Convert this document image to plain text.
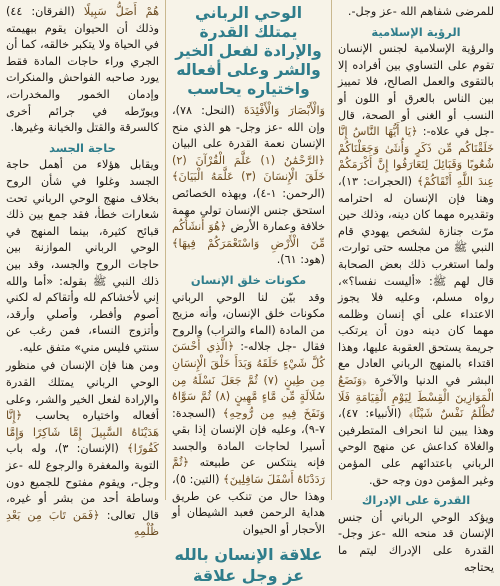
للمرضى شفاهم الله -عز وجل-.

الرؤية الإسلامية

والرؤية الإسلامية لجنس الإنسان تقوم على التساوي بين أفراده إلا بالتقوى والعمل الصالح، فلا تمييز بين الناس بالعرق أو اللون أو النسب أو الغنى أو الصحة، قال -جل في علاه-: ﴿يَا أَيُّهَا النَّاسُ إِنَّا خَلَقْنَاكُم مِّن ذَكَرٍ وَأُنثَىٰ وَجَعَلْنَاكُمْ شُعُوبًا وَقَبَائِلَ لِتَعَارَفُوا إِنَّ أَكْرَمَكُمْ عِندَ اللَّهِ أَتْقَاكُمْ﴾ (الحجرات: ١٣)، وهنا فإن الإنسان له احترامه وتقديره مهما كان دينه، وذلك حين مرّت جنازة لشخص يهودي قام النبي ﷺ من مجلسه حتى توارت، ولما استغرب ذلك بعض الصحابة قال لهم ﷺ: «أليست نفسا؟»، رواه مسلم، وعليه فلا يجوز الاعتداء على أي إنسان وظلمه مهما كان دينه دون أن يرتكب جريمة يستحق العقوبة عليها، وهذا اقتداء بالمنهج الرباني العادل مع البشر في الدنيا والآخرة ﴿وَنَضَعُ الْمَوَازِينَ الْقِسْطَ لِيَوْمِ الْقِيَامَةِ فَلَا تُظْلَمُ نَفْسٌ شَيْئًا﴾ (الأنبياء: ٤٧)، وهذا يبين لنا انحراف المتطرفين والغلاة كداعش عن منهج الوحي الرباني باعتدائهم على المؤمن وغير المؤمن دون وجه حق.

القدرة على الإدراك

ويؤكد الوحي الرباني أن جنس الإنسان قد منحه الله -عز وجل- القدرة على الإدراك ليتم ما يحتاجه

الوحي الرباني يمتلك القدرة والإرادة لفعل الخير والشر وعلى أفعاله واختياره يحاسب

وَالْأَبْصَارَ وَالْأَفْئِدَةَ (النحل: ٧٨)، وإن الله -عز وجل- هو الذي منح الإنسان نعمة القدرة على البيان ﴿الرَّحْمَٰنُ (١) عَلَّمَ الْقُرْآنَ (٢) خَلَقَ الْإِنسَانَ (٣) عَلَّمَهُ الْبَيَانَ﴾ (الرحمن: ١-٤)، وبهذه الخصائص استحق جنس الإنسان تولي مهمة خلافة وعمارة الأرض ﴿هُوَ أَنشَأَكُم مِّنَ الْأَرْضِ وَاسْتَعْمَرَكُمْ فِيهَا﴾ (هود: ٦١).

مكونات خلق الإنسان

وقد بيّن لنا الوحي الرباني مكونات خلق الإنسان، وأنه مزيج من المادة (الماء والتراب) والروح فقال -جل جلاله-: ﴿الَّذِي أَحْسَنَ كُلَّ شَيْءٍ خَلَقَهُ وَبَدَأَ خَلْقَ الْإِنسَانِ مِن طِينٍ (٧) ثُمَّ جَعَلَ نَسْلَهُ مِن سُلَالَةٍ مِّن مَّاءٍ مَّهِينٍ (٨) ثُمَّ سَوَّاهُ وَنَفَخَ فِيهِ مِن رُّوحِهِ﴾ (السجدة: ٧-٩)، وعليه فإن الإنسان إذا بقي أسيرا لحاجات المادة والجسد فإنه ينتكس عن طبيعته ﴿ثُمَّ رَدَدْنَاهُ أَسْفَلَ سَافِلِينَ﴾ (التين: ٥)، وهذا حال من تنكب عن طريق هداية الرحمن فعبد الشيطان أو الأحجار أو الحيوان

علاقة الإنسان بالله عز وجل علاقة

هُمْ أَضَلُّ سَبِيلًا (الفرقان: ٤٤) وذلك أن الحيوان يقوم ببهيمته في الحياة ولا يتكبر خالقه، كما أن الجري وراء حاجات المادة فقط يورد صاحبه الفواحش والمنكرات وإدمان الخمور والمخدرات، ويورّطه في جرائم أخرى كالسرقة والقتل والخيانة وغيرها.

حاجة الجسد

ويقابل هؤلاء من أهمل حاجة الجسد وغلوا في شأن الروح بخلاف منهج الوحي الرباني تحت شعارات خطأ، فقد جمع بين ذلك قبائح كثيرة، بينما المنهج في الوحي الرباني الموازنة بين حاجات الروح والجسد، وقد بين ذلك النبي ﷺ بقوله: «أما والله إني لأخشاكم لله وأتقاكم له لكني أصوم وأفطر، وأصلي وأرقد، وأتزوج النساء، فمن رغب عن سنتي فليس مني» متفق عليه.

ومن هنا فإن الإنسان في منظور الوحي الرباني يمتلك القدرة والإرادة لفعل الخير والشر، وعلى أفعاله واختياره يحاسب ﴿إِنَّا هَدَيْنَاهُ السَّبِيلَ إِمَّا شَاكِرًا وَإِمَّا كَفُورًا﴾ (الإنسان: ٣)، وله باب التوبة والمغفرة والرجوع لله -عز وجل-، ويقوم مفتوح للجميع دون وساطة أحد من بشر أو غيره، قال تعالى: ﴿فَمَن تَابَ مِن بَعْدِ ظُلْمِهِ
